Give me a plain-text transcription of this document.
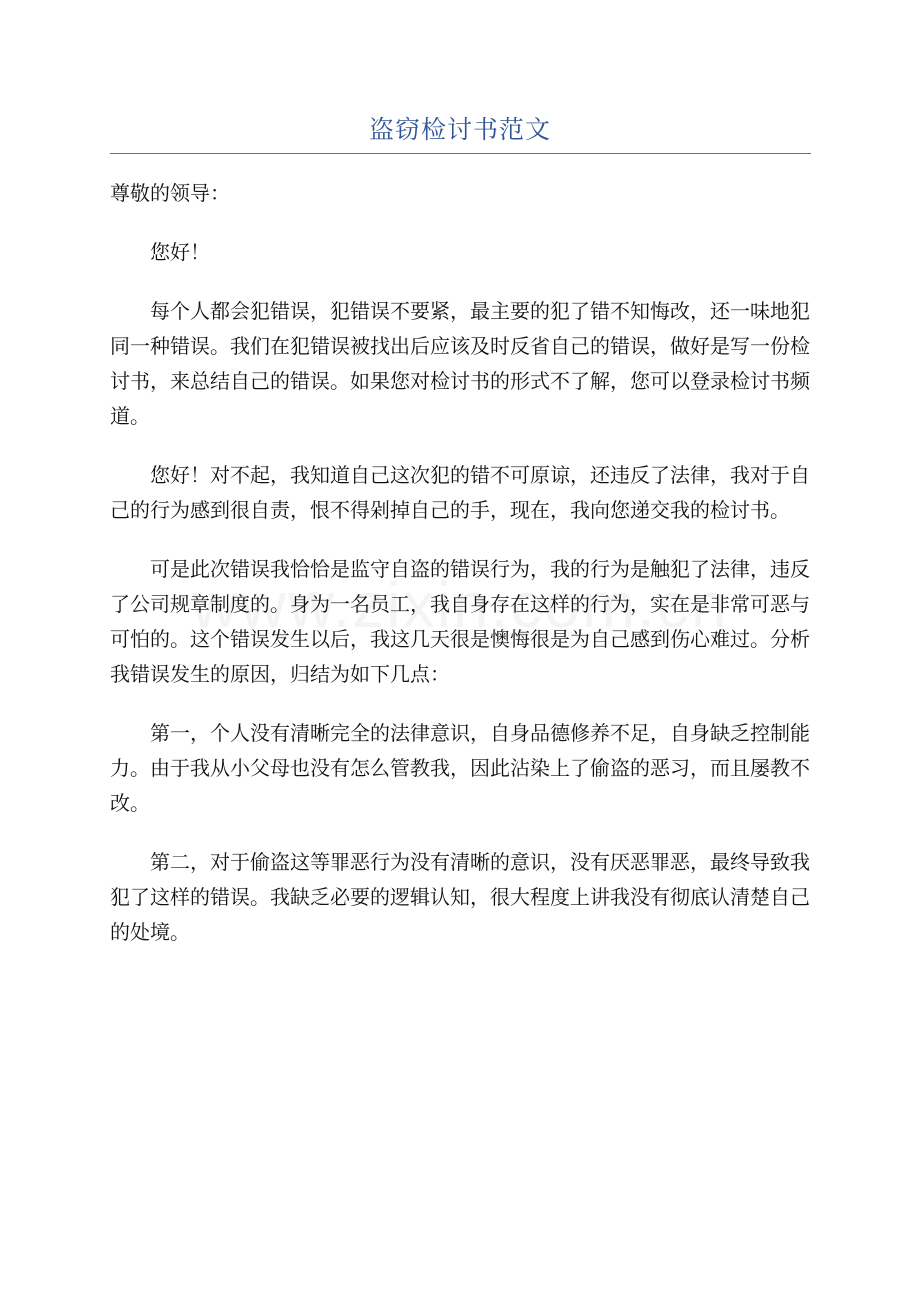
盗窃检讨书范文

尊敬的领导：

您好！

每个人都会犯错误，犯错误不要紧，最主要的犯了错不知悔改，还一味地犯同一种错误。我们在犯错误被找出后应该及时反省自己的错误，做好是写一份检讨书，来总结自己的错误。如果您对检讨书的形式不了解，您可以登录检讨书频道。

您好！对不起，我知道自己这次犯的错不可原谅，还违反了法律，我对于自己的行为感到很自责，恨不得剁掉自己的手，现在，我向您递交我的检讨书。

可是此次错误我恰恰是监守自盗的错误行为，我的行为是触犯了法律，违反了公司规章制度的。身为一名员工，我自身存在这样的行为，实在是非常可恶与可怕的。这个错误发生以后，我这几天很是懊悔很是为自己感到伤心难过。分析我错误发生的原因，归结为如下几点：

第一，个人没有清晰完全的法律意识，自身品德修养不足，自身缺乏控制能力。由于我从小父母也没有怎么管教我，因此沾染上了偷盗的恶习，而且屡教不改。

第二，对于偷盗这等罪恶行为没有清晰的意识，没有厌恶罪恶，最终导致我犯了这样的错误。我缺乏必要的逻辑认知，很大程度上讲我没有彻底认清楚自己的处境。
